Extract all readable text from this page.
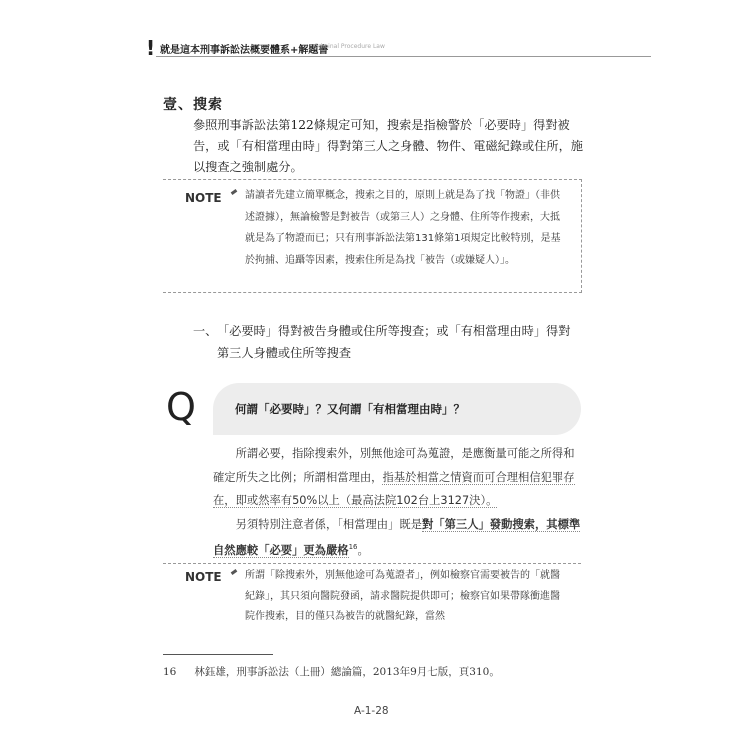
! 就是這本刑事訴訟法概要體系+解題書
Criminal Procedure Law
壹、搜索
參照刑事訴訟法第122條規定可知，搜索是指檢警於「必要時」得對被告，或「有相當理由時」得對第三人之身體、物件、電磁紀錄或住所，施以搜查之強制處分。
NOTE 請讀者先建立簡單概念，搜索之目的，原則上就是為了找「物證」（非供述證據），無論檢警是對被告（或第三人）之身體、住所等作搜索，大抵就是為了物證而已；只有刑事訴訟法第131條第1項規定比較特別，是基於拘捕、追躡等因素，搜索住所是為找「被告（或嫌疑人）」。
一、「必要時」得對被告身體或住所等搜查；或「有相當理由時」得對
第三人身體或住所等搜查
Q	何謂「必要時」？又何謂「有相當理由時」？

所謂必要，指除搜索外，別無他途可為蒐證，是應衡量可能之所得和確定所失之比例；所謂相當理由，指基於相當之情資而可合理相信犯罪存在，即或然率有50%以上（最高法院102台上3127決）。

另須特別注意者係，「相當理由」既是對「第三人」發動搜索，其標準自然應較「必要」更為嚴格$^{16}$。

NOTE 所謂「除搜索外，別無他途可為蒐證者」，例如檢察官需要被告的「就醫紀錄」，其只須向醫院發函，請求醫院提供即可；檢察官如果帶隊衝進醫院作搜索，目的僅只為被告的就醫紀錄，當然
16 林鈺雄，刑事訴訟法（上冊）總論篇，2013年9月七版，頁310。
A-1-28
